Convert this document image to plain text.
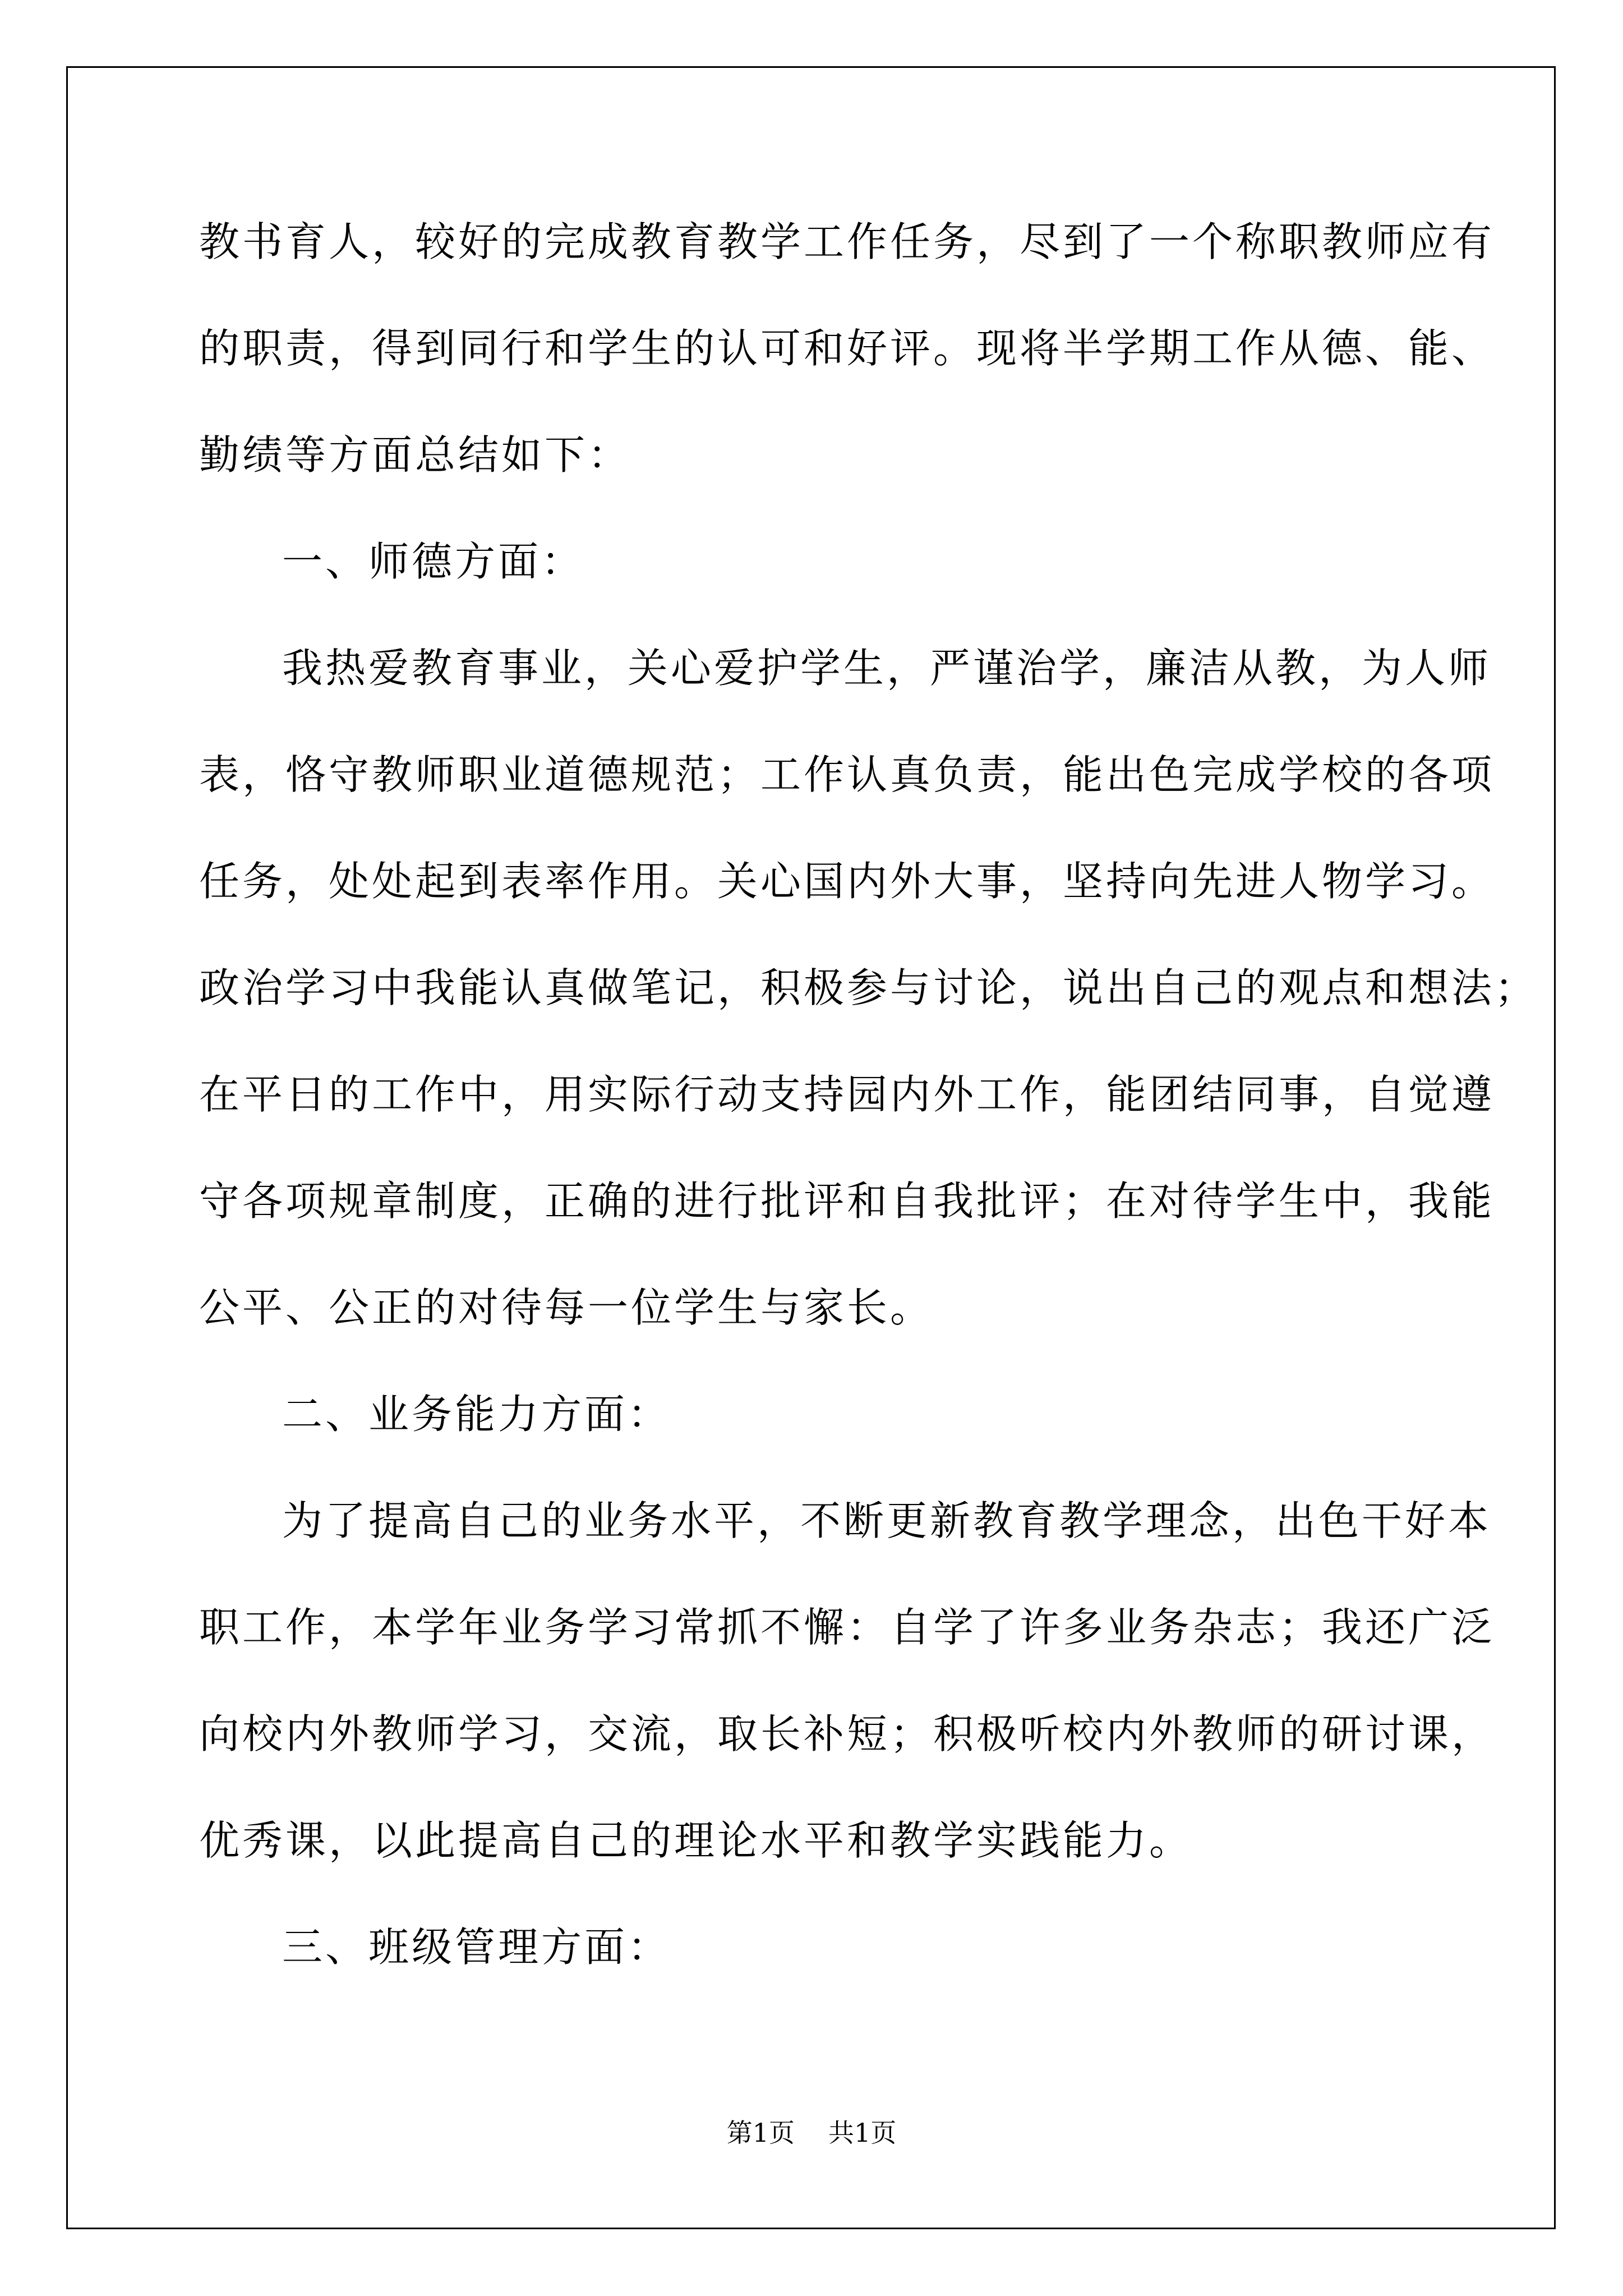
教书育人，较好的完成教育教学工作任务，尽到了一个称职教师应有
的职责，得到同行和学生的认可和好评。现将半学期工作从德、能、
勤绩等方面总结如下：
一、师德方面：
我热爱教育事业，关心爱护学生，严谨治学，廉洁从教，为人师
表，恪守教师职业道德规范；工作认真负责，能出色完成学校的各项
任务，处处起到表率作用。关心国内外大事，坚持向先进人物学习。
政治学习中我能认真做笔记，积极参与讨论，说出自己的观点和想法；
在平日的工作中，用实际行动支持园内外工作，能团结同事，自觉遵
守各项规章制度，正确的进行批评和自我批评；在对待学生中，我能
公平、公正的对待每一位学生与家长。
二、业务能力方面：
为了提高自己的业务水平，不断更新教育教学理念，出色干好本
职工作，本学年业务学习常抓不懈：自学了许多业务杂志；我还广泛
向校内外教师学习，交流，取长补短；积极听校内外教师的研讨课，
优秀课，以此提高自己的理论水平和教学实践能力。
三、班级管理方面：
第1页 共1页
